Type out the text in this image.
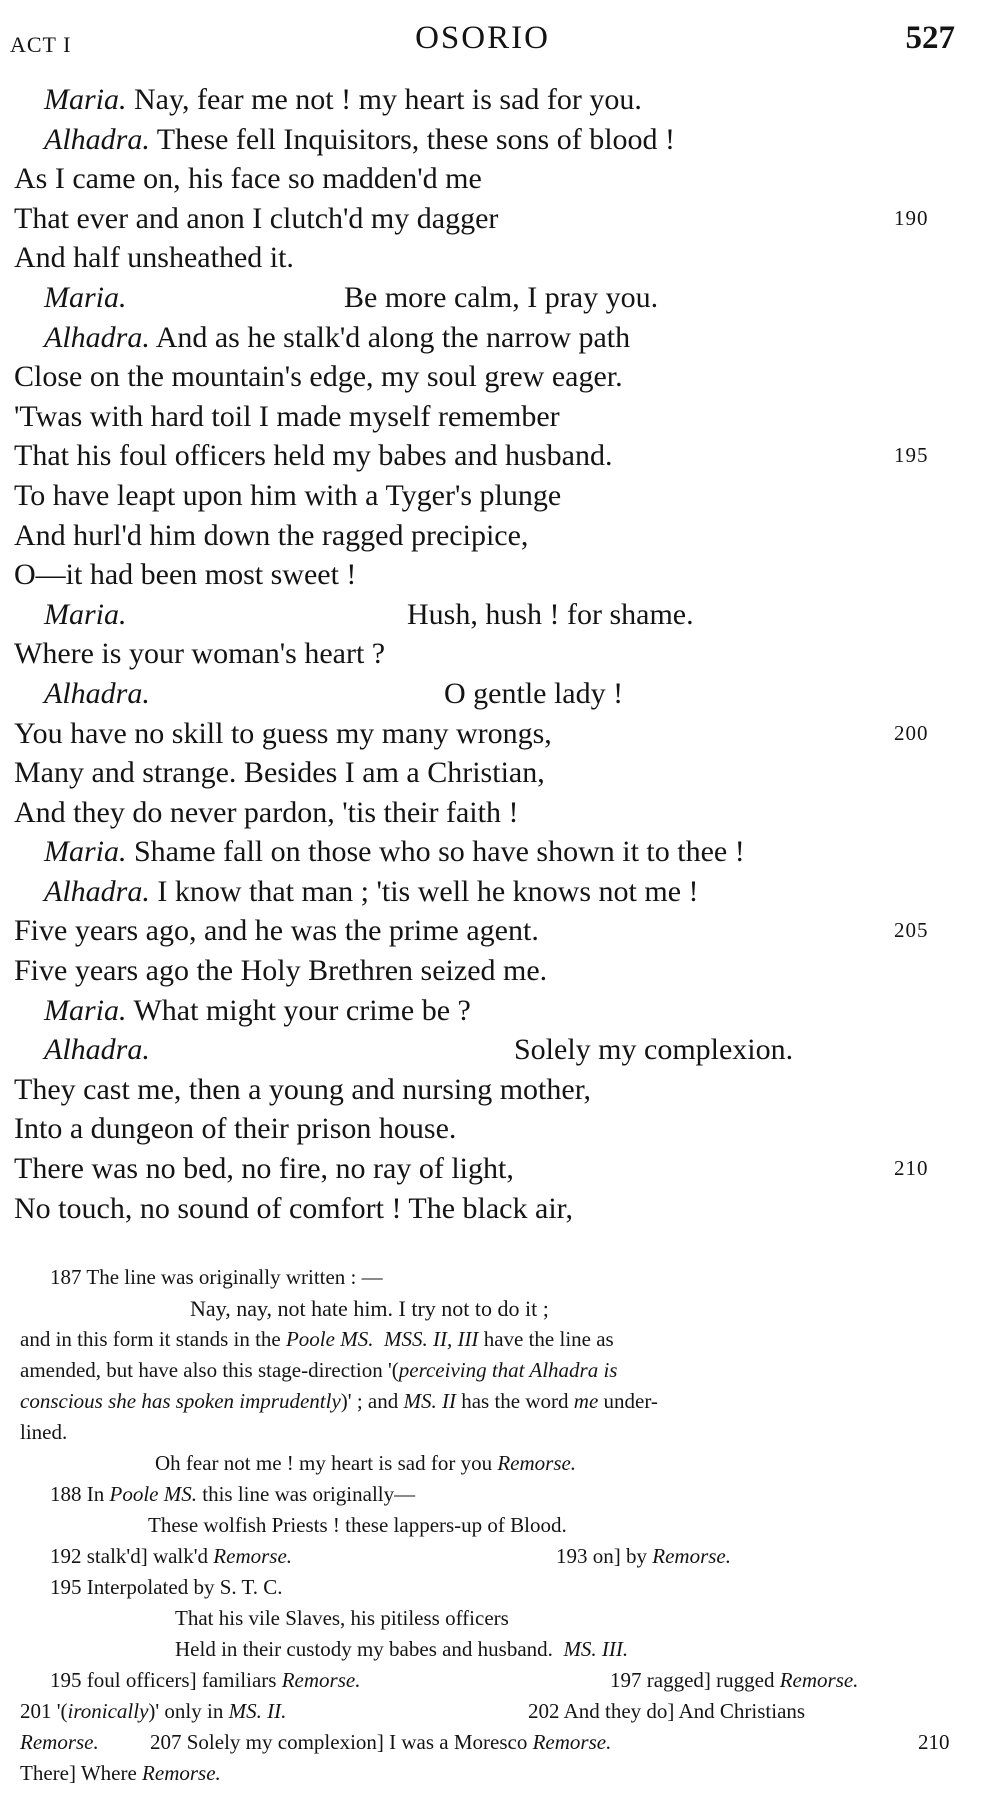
ACT I	OSORIO	527
Maria. Nay, fear me not ! my heart is sad for you.
Alhadra. These fell Inquisitors, these sons of blood !
As I came on, his face so madden'd me
That ever and anon I clutch'd my dagger	190
And half unsheathed it.
Maria.	Be more calm, I pray you.
Alhadra. And as he stalk'd along the narrow path
Close on the mountain's edge, my soul grew eager.
'Twas with hard toil I made myself remember
That his foul officers held my babes and husband.	195
To have leapt upon him with a Tyger's plunge
And hurl'd him down the ragged precipice,
O—it had been most sweet !
Maria.	Hush, hush ! for shame.
Where is your woman's heart ?
Alhadra.	O gentle lady !
You have no skill to guess my many wrongs,	200
Many and strange. Besides I am a Christian,
And they do never pardon, 'tis their faith !
Maria. Shame fall on those who so have shown it to thee !
Alhadra. I know that man ; 'tis well he knows not me !
Five years ago, and he was the prime agent.	205
Five years ago the Holy Brethren seized me.
Maria. What might your crime be ?
Alhadra.	Solely my complexion.
They cast me, then a young and nursing mother,
Into a dungeon of their prison house.
There was no bed, no fire, no ray of light,	210
No touch, no sound of comfort ! The black air,
187 The line was originally written : —
Nay, nay, not hate him. I try not to do it ;
and in this form it stands in the Poole MS. MSS. II, III have the line as
amended, but have also this stage-direction '(perceiving that Alhadra is
conscious she has spoken imprudently)' ; and MS. II has the word me under-
lined.
Oh fear not me ! my heart is sad for you Remorse.
188 In Poole MS. this line was originally—
These wolfish Priests ! these lappers-up of Blood.
192 stalk'd] walk'd Remorse.	193 on] by Remorse.
195 Interpolated by S. T. C.
That his vile Slaves, his pitiless officers
Held in their custody my babes and husband. MS. III.
195 foul officers] familiars Remorse.	197 ragged] rugged Remorse.
201 '(ironically)' only in MS. II.	202 And they do] And Christians
Remorse. 207 Solely my complexion] I was a Moresco Remorse.	210
There] Where Remorse.
